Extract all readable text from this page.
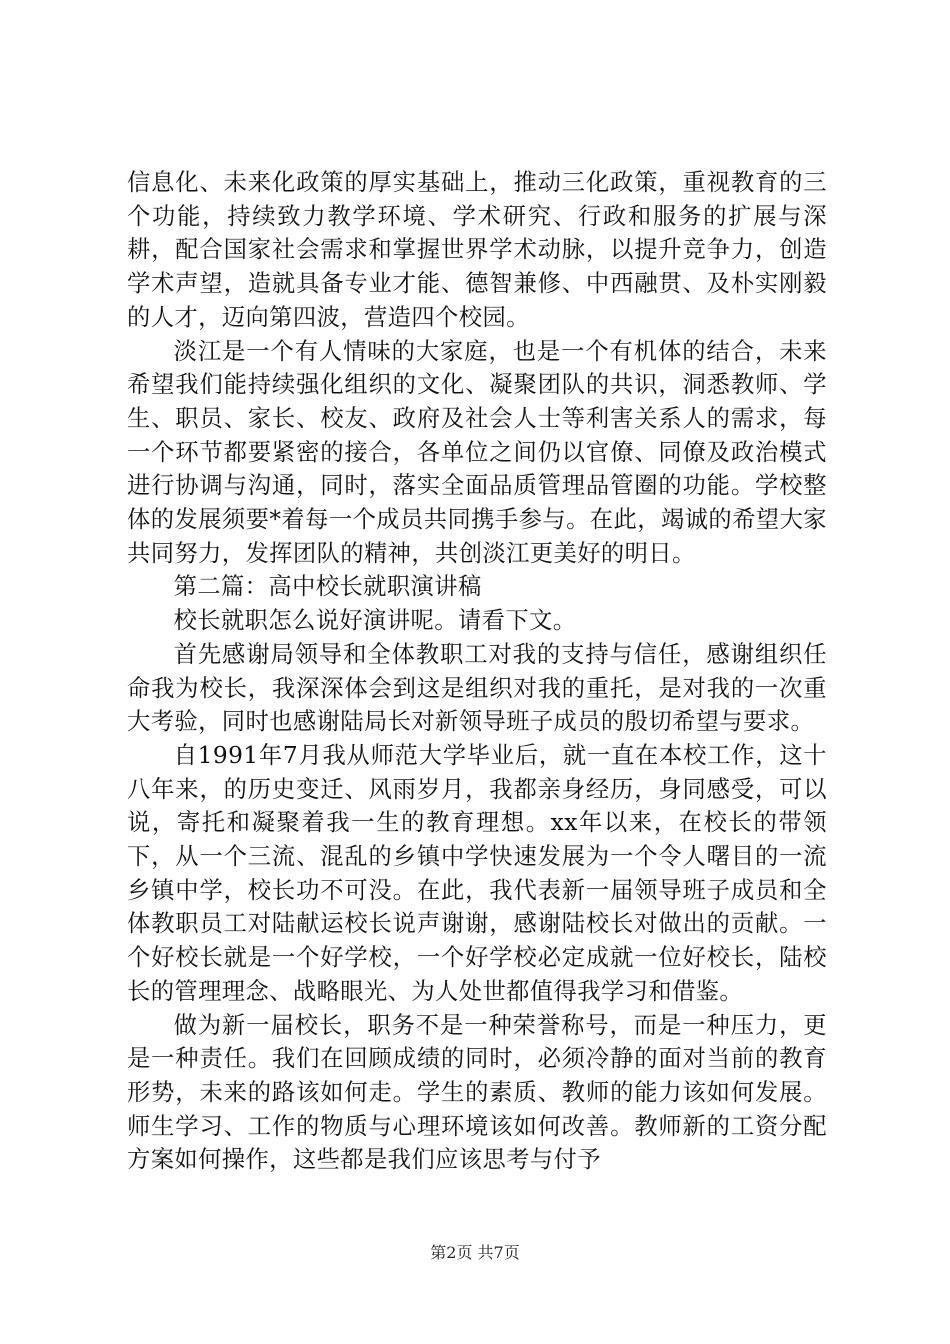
信息化、未来化政策的厚实基础上，推动三化政策，重视教育的三个功能，持续致力教学环境、学术研究、行政和服务的扩展与深耕，配合国家社会需求和掌握世界学术动脉，以提升竞争力，创造学术声望，造就具备专业才能、德智兼修、中西融贯、及朴实刚毅的人才，迈向第四波，营造四个校园。

淡江是一个有人情味的大家庭，也是一个有机体的结合，未来希望我们能持续强化组织的文化、凝聚团队的共识，洞悉教师、学生、职员、家长、校友、政府及社会人士等利害关系人的需求，每一个环节都要紧密的接合，各单位之间仍以官僚、同僚及政治模式进行协调与沟通，同时，落实全面品质管理品管圈的功能。学校整体的发展须要*着每一个成员共同携手参与。在此，竭诚的希望大家共同努力，发挥团队的精神，共创淡江更美好的明日。

第二篇：高中校长就职演讲稿

校长就职怎么说好演讲呢。请看下文。

首先感谢局领导和全体教职工对我的支持与信任，感谢组织任命我为校长，我深深体会到这是组织对我的重托，是对我的一次重大考验，同时也感谢陆局长对新领导班子成员的殷切希望与要求。

自1991年7月我从师范大学毕业后，就一直在本校工作，这十八年来，的历史变迁、风雨岁月，我都亲身经历，身同感受，可以说，寄托和凝聚着我一生的教育理想。xx年以来，在校长的带领下，从一个三流、混乱的乡镇中学快速发展为一个令人曙目的一流乡镇中学，校长功不可没。在此，我代表新一届领导班子成员和全体教职员工对陆献运校长说声谢谢，感谢陆校长对做出的贡献。一个好校长就是一个好学校，一个好学校必定成就一位好校长，陆校长的管理理念、战略眼光、为人处世都值得我学习和借鉴。

做为新一届校长，职务不是一种荣誉称号，而是一种压力，更是一种责任。我们在回顾成绩的同时，必须冷静的面对当前的教育形势，未来的路该如何走。学生的素质、教师的能力该如何发展。师生学习、工作的物质与心理环境该如何改善。教师新的工资分配方案如何操作，这些都是我们应该思考与付予

第2页 共7页
